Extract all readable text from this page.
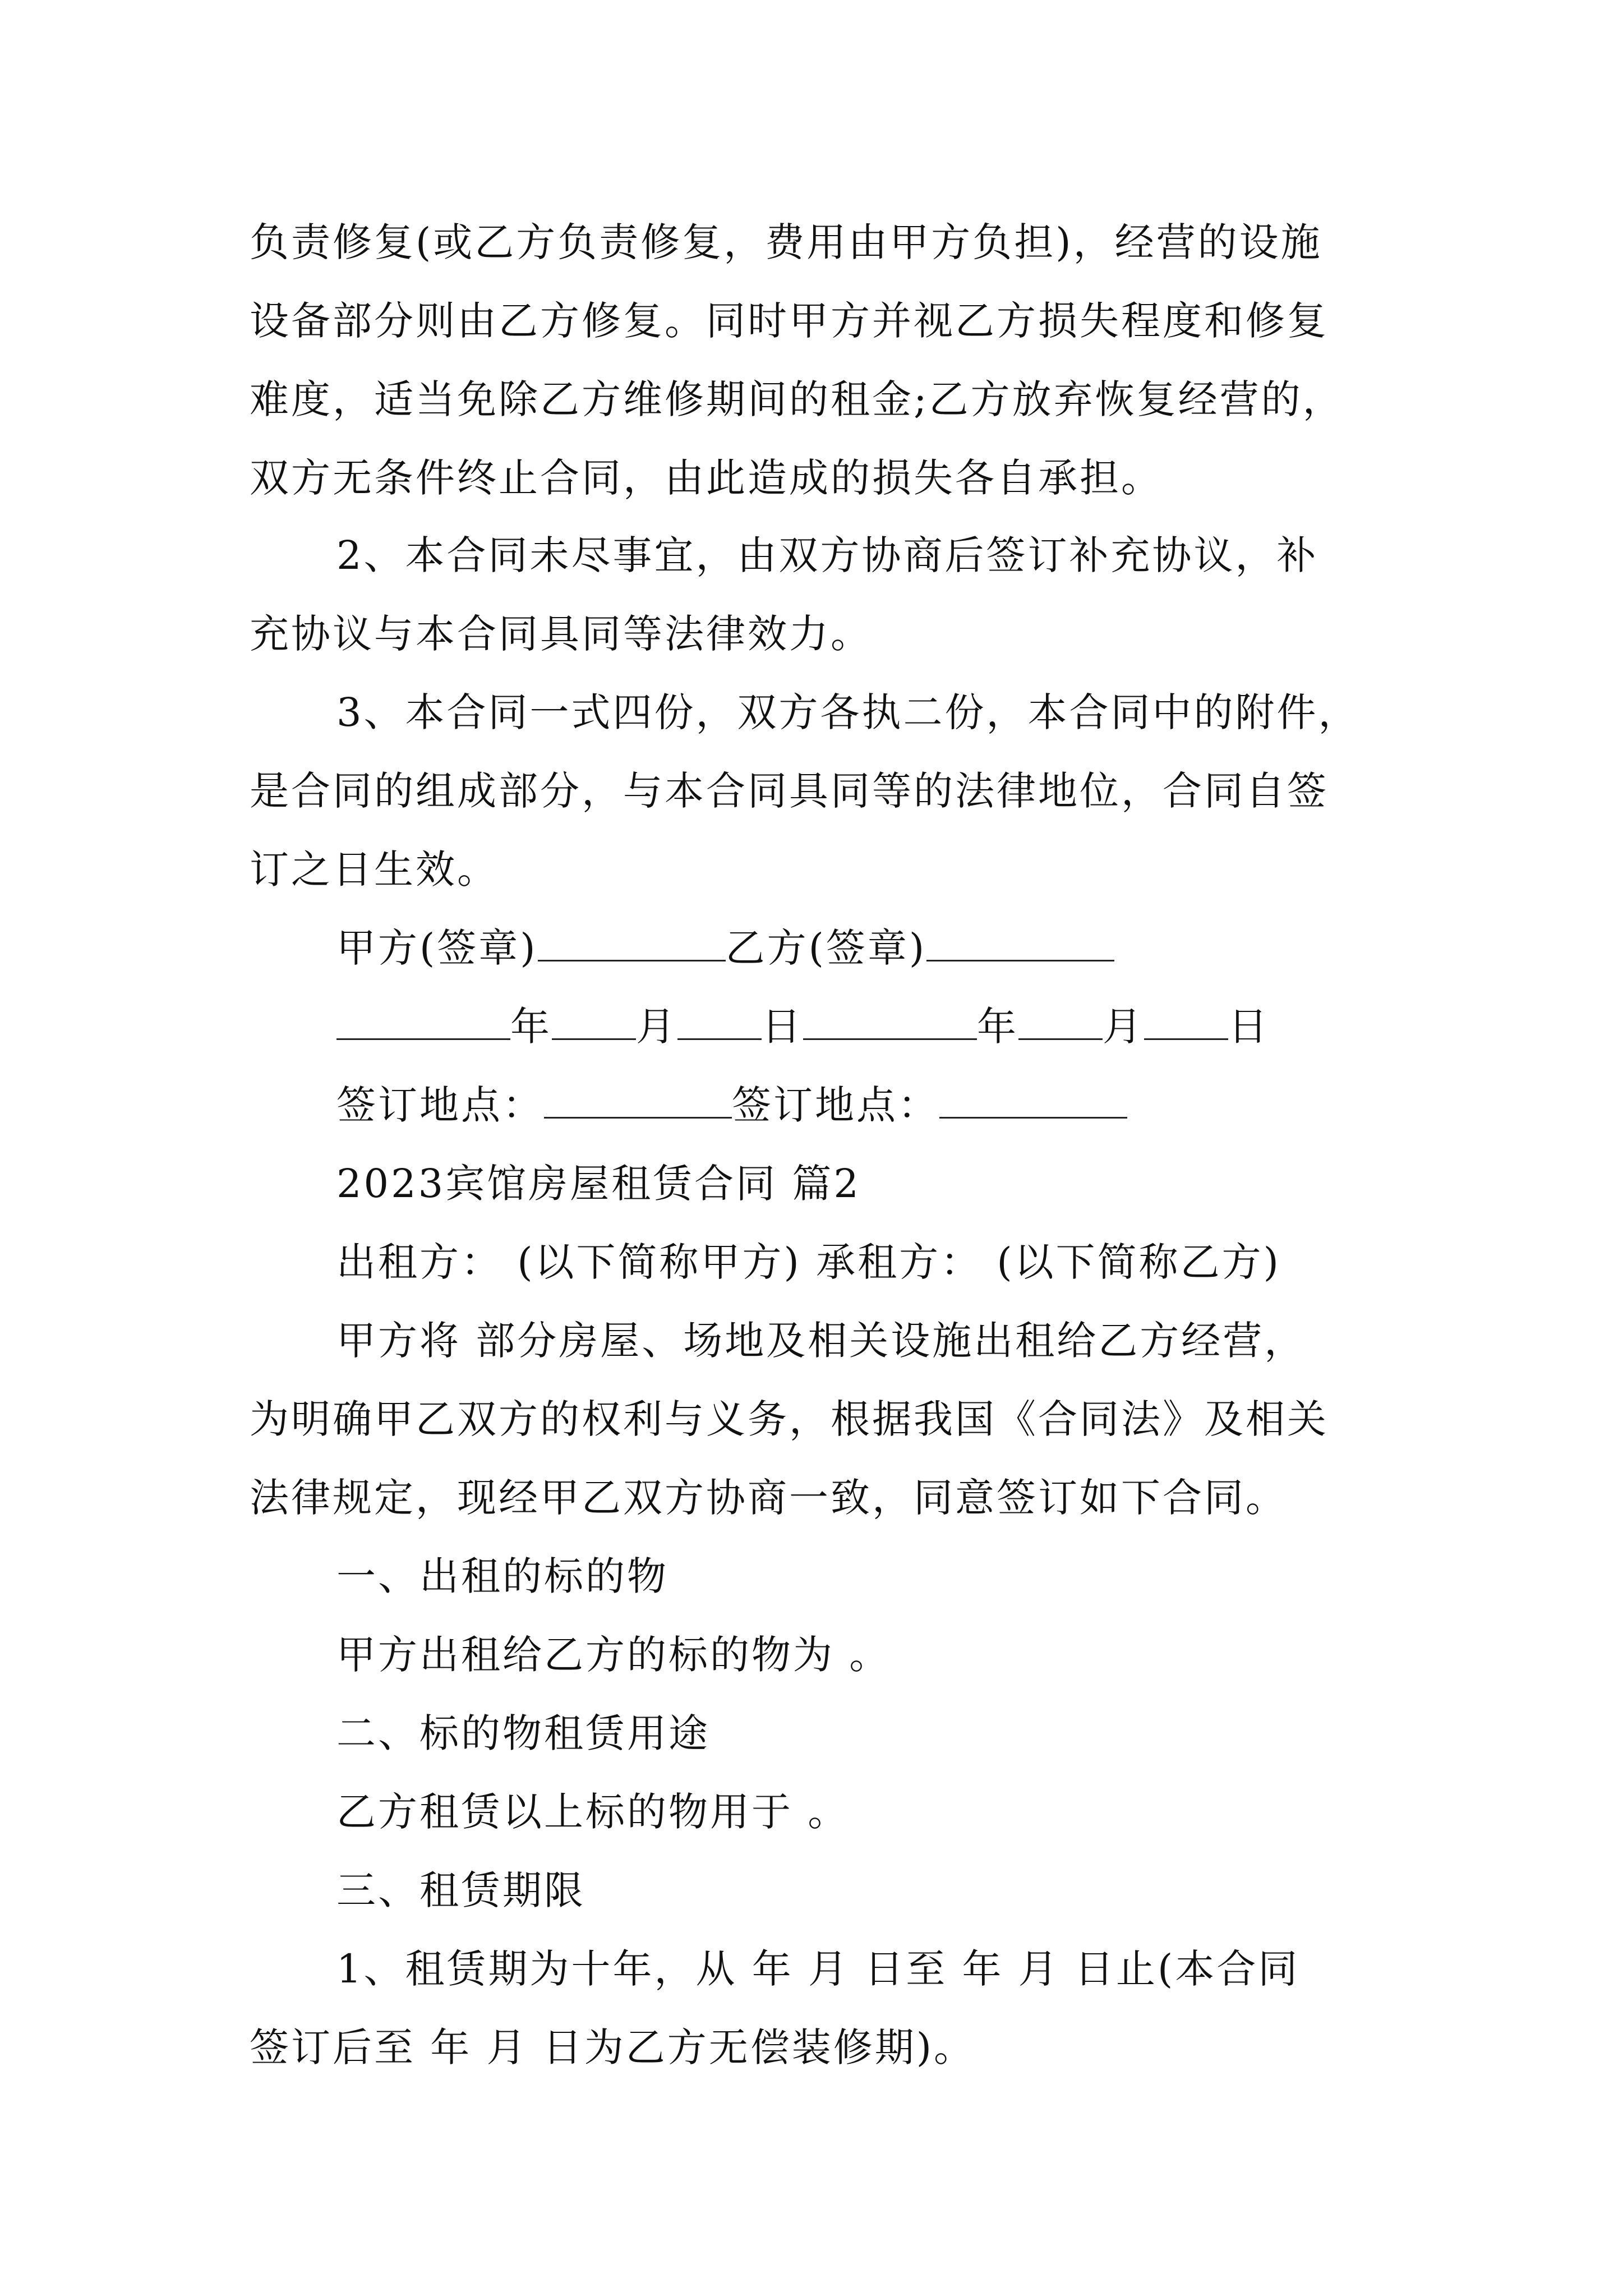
负责修复(或乙方负责修复，费用由甲方负担)，经营的设施
设备部分则由乙方修复。同时甲方并视乙方损失程度和修复
难度，适当免除乙方维修期间的租金;乙方放弃恢复经营的，
双方无条件终止合同，由此造成的损失各自承担。
2、本合同未尽事宜，由双方协商后签订补充协议，补
充协议与本合同具同等法律效力。
3、本合同一式四份，双方各执二份，本合同中的附件，
是合同的组成部分，与本合同具同等的法律地位，合同自签
订之日生效。
甲方(签章)	乙方(签章)
年 月 日	年 月 日
签订地点：	签订地点：
2023宾馆房屋租赁合同 篇2
出租方： (以下简称甲方) 承租方： (以下简称乙方)
甲方将 部分房屋、场地及相关设施出租给乙方经营，
为明确甲乙双方的权利与义务，根据我国《合同法》及相关
法律规定，现经甲乙双方协商一致，同意签订如下合同。
一、出租的标的物
甲方出租给乙方的标的物为 。
二、标的物租赁用途
乙方租赁以上标的物用于 。
三、租赁期限
1、租赁期为十年，从 年 月 日至 年 月 日止(本合同
签订后至 年 月 日为乙方无偿装修期)。
